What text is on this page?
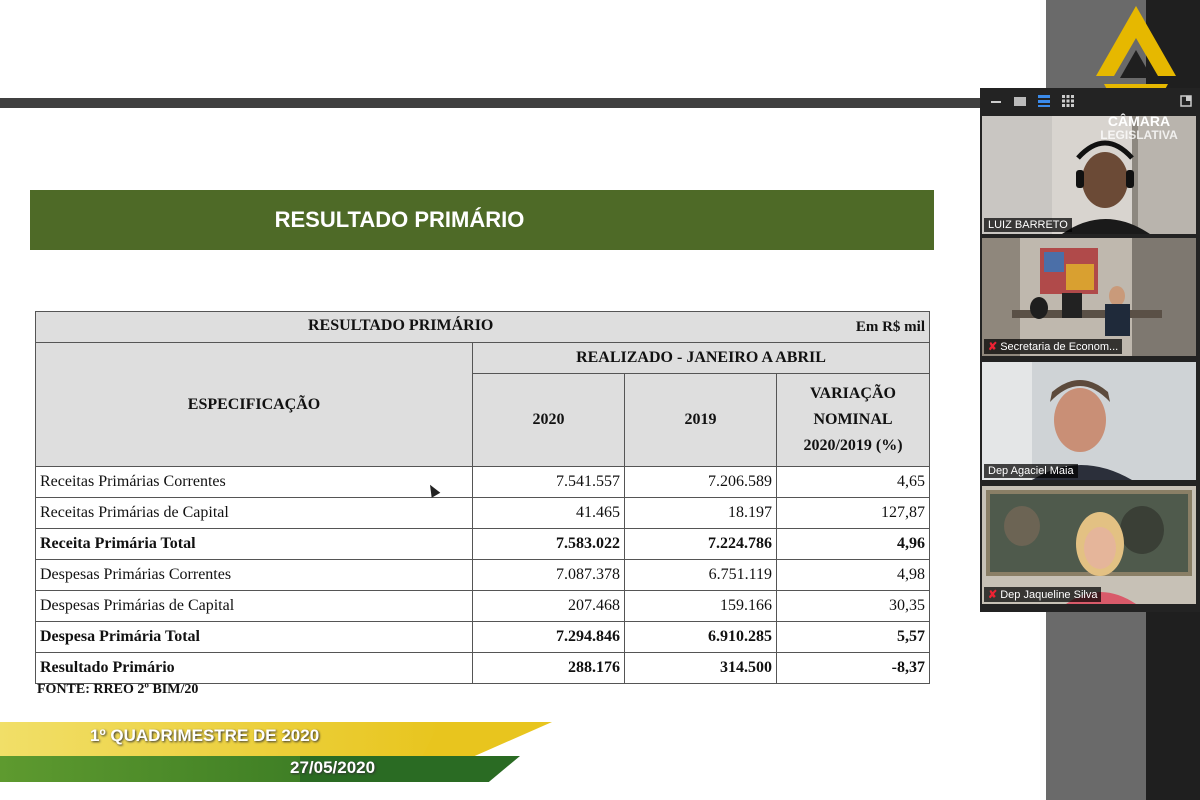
RESULTADO PRIMÁRIO
RESULTADO PRIMÁRIO Em R$ mil			

ESPECIFICAÇÃO	REALIZADO - JANEIRO A ABRIL		
	2020	2019	VARIAÇÃO
NOMINAL
2020/2019 (%)

Receitas Primárias Correntes	7.541.557	7.206.589	4,65
Receitas Primárias de Capital	41.465	18.197	127,87
Receita Primária Total	7.583.022	7.224.786	4,96
Despesas Primárias Correntes	7.087.378	6.751.119	4,98
Despesas Primárias de Capital	207.468	159.166	30,35
Despesa Primária Total	7.294.846	6.910.285	5,57
Resultado Primário	288.176	314.500	-8,37
FONTE: RREO 2º BIM/20
1º QUADRIMESTRE DE 2020
27/05/2020
LUIZ BARRETO
✘ Secretaria de Econom...
Dep Agaciel Maia
✘ Dep Jaqueline Silva
CÂMARA
LEGISLATIVA
